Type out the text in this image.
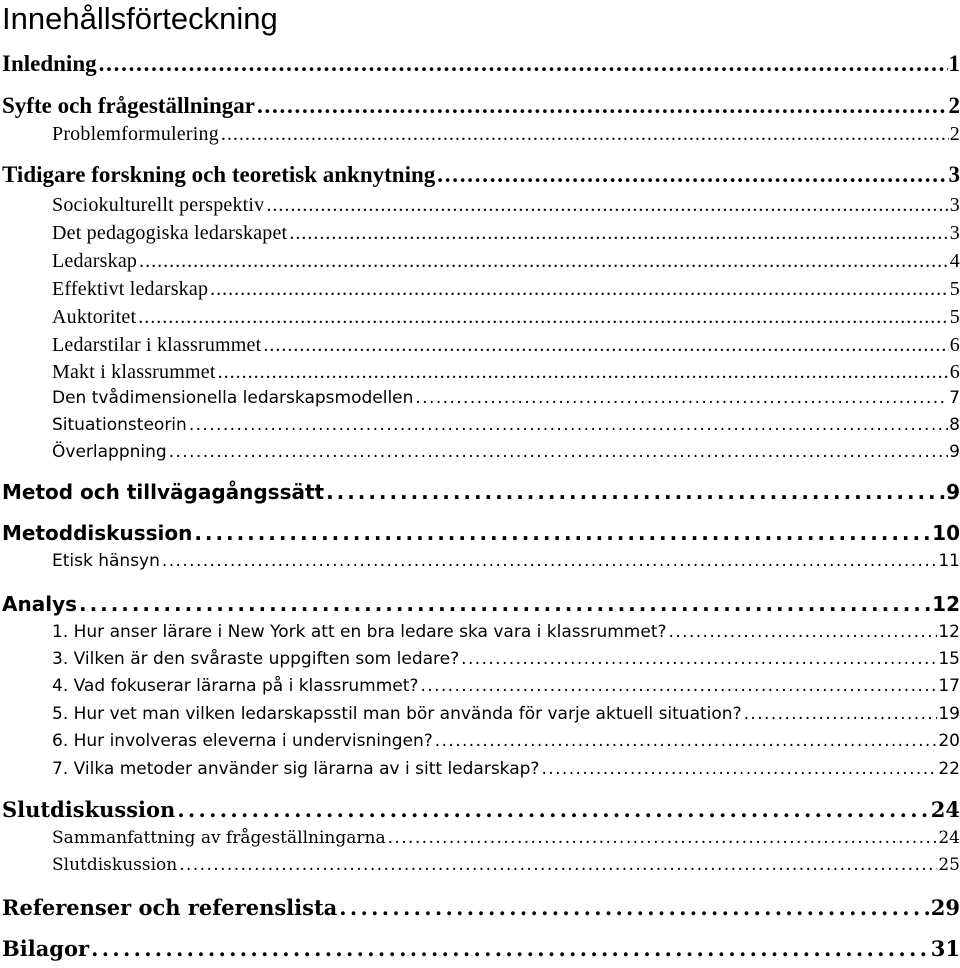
Innehållsförteckning
Inledning . . .	1
Syfte och frågeställningar . . .	2
Problemformulering . . .	2
Tidigare forskning och teoretisk anknytning . . .	3
Sociokulturellt perspektiv . . .	3
Det pedagogiska ledarskapet . . .	3
Ledarskap . . .	4
Effektivt ledarskap . . .	5
Auktoritet . . .	5
Ledarstilar i klassrummet . . .	6
Makt i klassrummet . . .	6
Den tvådimensionella ledarskapsmodellen . . .	7
Situationsteorin . . .	8
Överlappning . . .	9
Metod och tillvägagångssätt . . .	9
Metoddiskussion . . .	10
Etisk hänsyn . . .	11
Analys . . .	12
1. Hur anser lärare i New York att en bra ledare ska vara i klassrummet? . . .	12
3. Vilken är den svåraste uppgiften som ledare? . . .	15
4. Vad fokuserar lärarna på i klassrummet? . . .	17
5. Hur vet man vilken ledarskapsstil man bör använda för varje aktuell situation? . . .	19
6. Hur involveras eleverna i undervisningen? . . .	20
7. Vilka metoder använder sig lärarna av i sitt ledarskap? . . .	22
Slutdiskussion . . .	24
Sammanfattning av frågeställningarna . . .	24
Slutdiskussion . . .	25
Referenser och referenslista . . .	29
Bilagor . . .	31
